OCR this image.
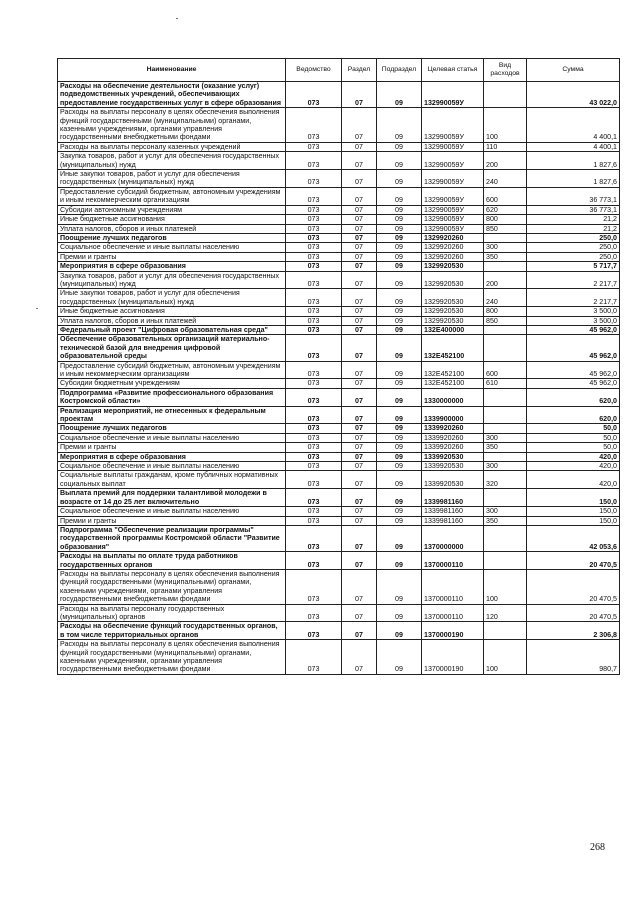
Наименование	Ведомство	Раздел	Подраздел	Целевая статья	Вид расходов	Сумма
Расходы на обеспечение деятельности (оказание услуг) подведомственных учреждений, обеспечивающих предоставление государственных услуг в сфере образования	073	07	09	132990059У		43 022,0
Расходы на выплаты персоналу в целях обеспечения выполнения функций государственными (муниципальными) органами, казенными учреждениями, органами управления государственными внебюджетными фондами	073	07	09	132990059У	100	4 400,1
Расходы на выплаты персоналу казенных учреждений	073	07	09	132990059У	110	4 400,1
Закупка товаров, работ и услуг для обеспечения государственных (муниципальных) нужд	073	07	09	132990059У	200	1 827,6
Иные закупки товаров, работ и услуг для обеспечения государственных (муниципальных) нужд	073	07	09	132990059У	240	1 827,6
Предоставление субсидий бюджетным, автономным учреждениям и иным некоммерческим организациям	073	07	09	132990059У	600	36 773,1
Субсидии автономным учреждениям	073	07	09	132990059У	620	36 773,1
Иные бюджетные ассигнования	073	07	09	132990059У	800	21,2
Уплата налогов, сборов и иных платежей	073	07	09	132990059У	850	21,2
Поощрение лучших педагогов	073	07	09	1329920260		250,0
Социальное обеспечение и иные выплаты населению	073	07	09	1329920260	300	250,0
Премии и гранты	073	07	09	1329920260	350	250,0
Мероприятия в сфере образования	073	07	09	1329920530		5 717,7
Закупка товаров, работ и услуг для обеспечения государственных (муниципальных) нужд	073	07	09	1329920530	200	2 217,7
Иные закупки товаров, работ и услуг для обеспечения государственных (муниципальных) нужд	073	07	09	1329920530	240	2 217,7
Иные бюджетные ассигнования	073	07	09	1329920530	800	3 500,0
Уплата налогов, сборов и иных платежей	073	07	09	1329920530	850	3 500,0
Федеральный проект "Цифровая образовательная среда"	073	07	09	132E400000		45 962,0
Обеспечение образовательных организаций материально-технической базой для внедрения цифровой образовательной среды	073	07	09	132E452100		45 962,0
Предоставление субсидий бюджетным, автономным учреждениям и иным некоммерческим организациям	073	07	09	132E452100	600	45 962,0
Субсидии бюджетным учреждениям	073	07	09	132E452100	610	45 962,0
Подпрограмма «Развитие профессионального образования Костромской области»	073	07	09	1330000000		620,0
Реализация мероприятий, не отнесенных к федеральным проектам	073	07	09	1339900000		620,0
Поощрение лучших педагогов	073	07	09	1339920260		50,0
Социальное обеспечение и иные выплаты населению	073	07	09	1339920260	300	50,0
Премии и гранты	073	07	09	1339920260	350	50,0
Мероприятия в сфере образования	073	07	09	1339920530		420,0
Социальное обеспечение и иные выплаты населению	073	07	09	1339920530	300	420,0
Социальные выплаты гражданам, кроме публичных нормативных социальных выплат	073	07	09	1339920530	320	420,0
Выплата премий для поддержки талантливой молодежи в возрасте от 14 до 25 лет включительно	073	07	09	1339981160		150,0
Социальное обеспечение и иные выплаты населению	073	07	09	1339981160	300	150,0
Премии и гранты	073	07	09	1339981160	350	150,0
Подпрограмма "Обеспечение реализации программы" государственной программы Костромской области "Развитие образования"	073	07	09	1370000000		42 053,6
Расходы на выплаты по оплате труда работников государственных органов	073	07	09	1370000110		20 470,5
Расходы на выплаты персоналу в целях обеспечения выполнения функций государственными (муниципальными) органами, казенными учреждениями, органами управления государственными внебюджетными фондами	073	07	09	1370000110	100	20 470,5
Расходы на выплаты персоналу государственных (муниципальных) органов	073	07	09	1370000110	120	20 470,5
Расходы на обеспечение функций государственных органов, в том числе территориальных органов	073	07	09	1370000190		2 306,8
Расходы на выплаты персоналу в целях обеспечения выполнения функций государственными (муниципальными) органами, казенными учреждениями, органами управления государственными внебюджетными фондами	073	07	09	1370000190	100	980,7
268
